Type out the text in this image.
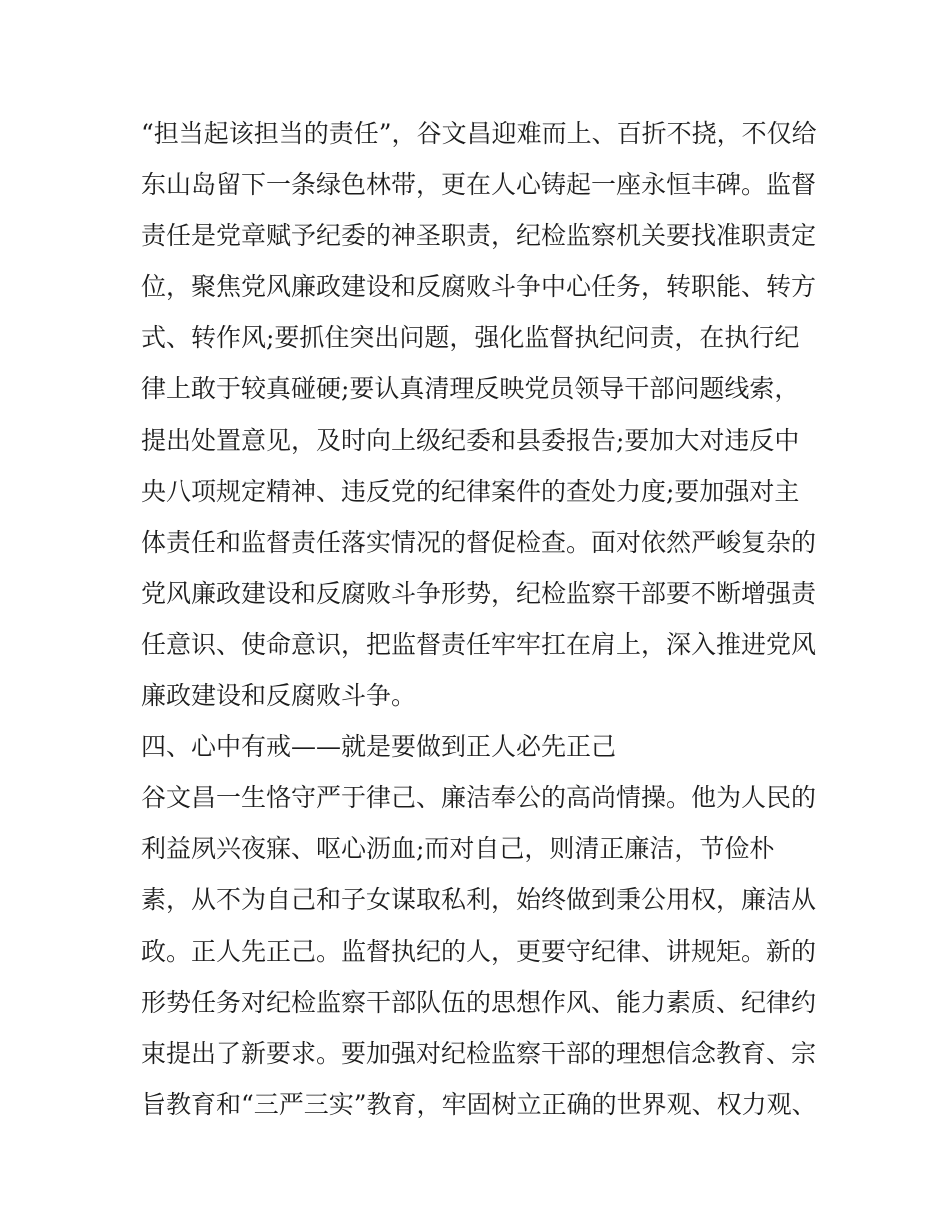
“担当起该担当的责任”，谷文昌迎难而上、百折不挠，不仅给
东山岛留下一条绿色林带，更在人心铸起一座永恒丰碑。监督
责任是党章赋予纪委的神圣职责，纪检监察机关要找准职责定
位，聚焦党风廉政建设和反腐败斗争中心任务，转职能、转方
式、转作风;要抓住突出问题，强化监督执纪问责，在执行纪
律上敢于较真碰硬;要认真清理反映党员领导干部问题线索，
提出处置意见，及时向上级纪委和县委报告;要加大对违反中
央八项规定精神、违反党的纪律案件的查处力度;要加强对主
体责任和监督责任落实情况的督促检查。面对依然严峻复杂的
党风廉政建设和反腐败斗争形势，纪检监察干部要不断增强责
任意识、使命意识，把监督责任牢牢扛在肩上，深入推进党风
廉政建设和反腐败斗争。
四、心中有戒——就是要做到正人必先正己
谷文昌一生恪守严于律己、廉洁奉公的高尚情操。他为人民的
利益夙兴夜寐、呕心沥血;而对自己，则清正廉洁，节俭朴
素，从不为自己和子女谋取私利，始终做到秉公用权，廉洁从
政。正人先正己。监督执纪的人，更要守纪律、讲规矩。新的
形势任务对纪检监察干部队伍的思想作风、能力素质、纪律约
束提出了新要求。要加强对纪检监察干部的理想信念教育、宗
旨教育和“三严三实”教育，牢固树立正确的世界观、权力观、
